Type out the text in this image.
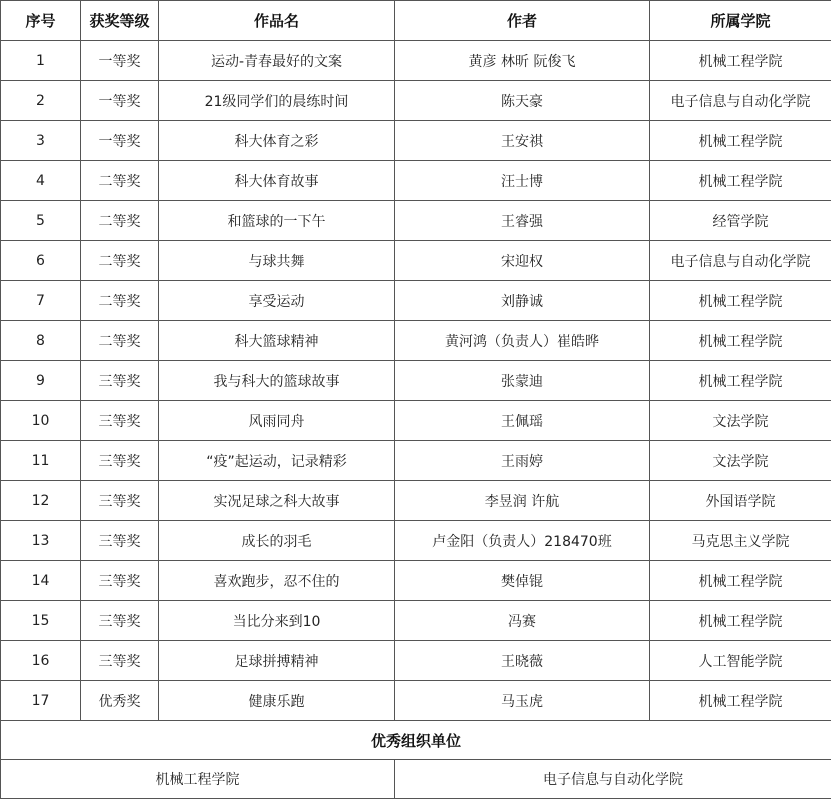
序号	获奖等级	作品名	作者	所属学院
1	一等奖	运动-青春最好的文案	黄彦 林昕 阮俊飞	机械工程学院
2	一等奖	21级同学们的晨练时间	陈天豪	电子信息与自动化学院
3	一等奖	科大体育之彩	王安祺	机械工程学院
4	二等奖	科大体育故事	汪士博	机械工程学院
5	二等奖	和篮球的一下午	王睿强	经管学院
6	二等奖	与球共舞	宋迎权	电子信息与自动化学院
7	二等奖	享受运动	刘静诚	机械工程学院
8	二等奖	科大篮球精神	黄河鸿（负责人）崔皓晔	机械工程学院
9	三等奖	我与科大的篮球故事	张蒙迪	机械工程学院
10	三等奖	风雨同舟	王佩瑶	文法学院
11	三等奖	“疫”起运动，记录精彩	王雨婷	文法学院
12	三等奖	实况足球之科大故事	李昱润 许航	外国语学院
13	三等奖	成长的羽毛	卢金阳（负责人）218470班	马克思主义学院
14	三等奖	喜欢跑步，忍不住的	樊倬锟	机械工程学院
15	三等奖	当比分来到10	冯赛	机械工程学院
16	三等奖	足球拼搏精神	王晓薇	人工智能学院
17	优秀奖	健康乐跑	马玉虎	机械工程学院
优秀组织单位				
机械工程学院			电子信息与自动化学院	
